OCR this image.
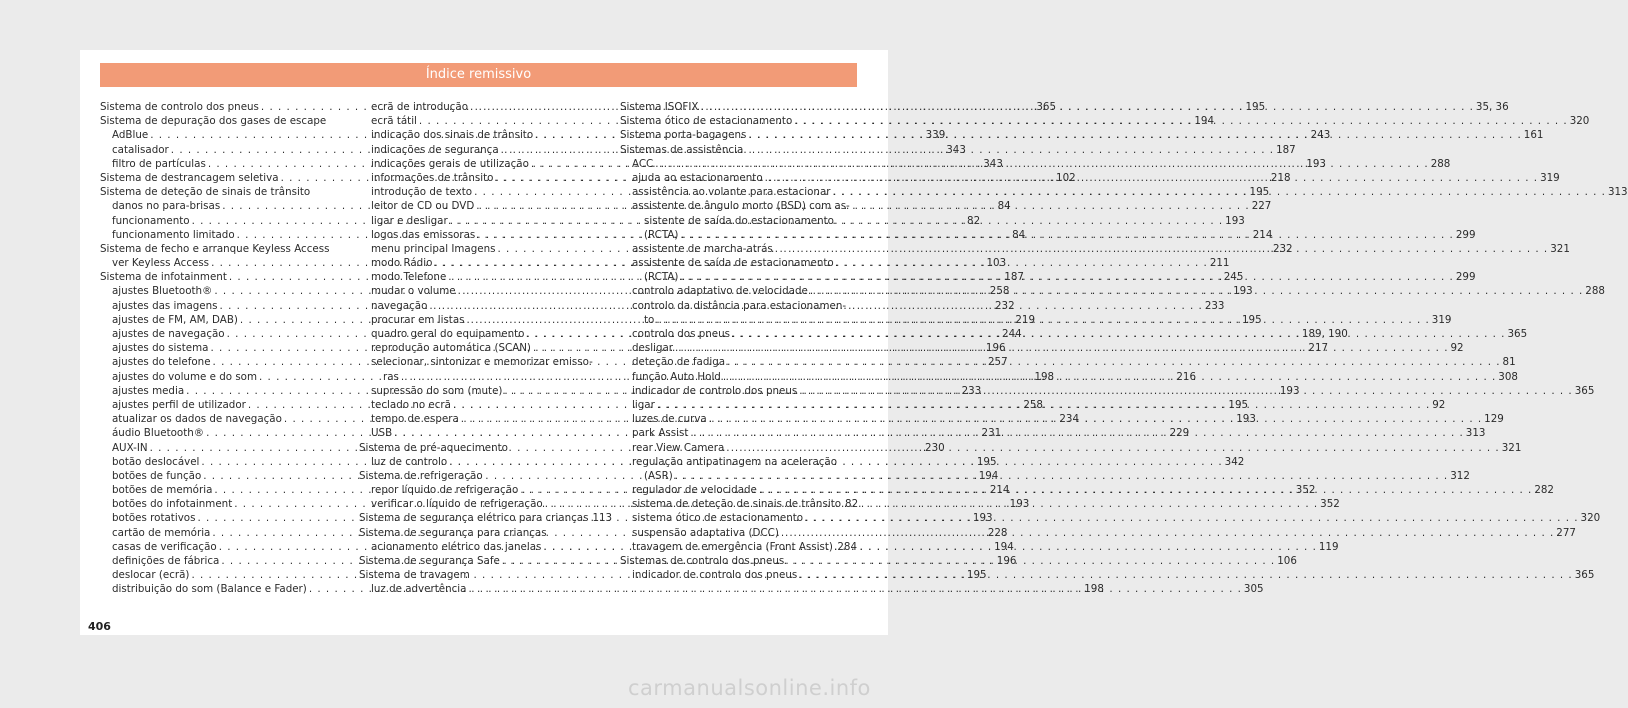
Índice remissivo
Sistema de controlo dos pneus . . .	365
Sistema de depuração dos gases de escape
AdBlue . . .	339
catalisador . . .	343
filtro de partículas . . .	343
Sistema de destrancagem seletiva . . .	102
Sistema de deteção de sinais de trânsito
danos no para-brisas . . .	84
funcionamento . . .	82
funcionamento limitado . . .	84
Sistema de fecho e arranque Keyless Access
ver Keyless Access . . .	103
Sistema de infotainment . . .	187
ajustes Bluetooth® . . .	258
ajustes das imagens . . .	232
ajustes de FM, AM, DAB) . . .	219
ajustes de navegação . . .	244
ajustes do sistema . . .	196
ajustes do telefone . . .	257
ajustes do volume e do som . . .	198
ajustes media . . .	233
ajustes perfil de utilizador . . .	258
atualizar os dados de navegação . . .	234
áudio Bluetooth® . . .	231
AUX-IN . . .	230
botão deslocável . . .	195
botões de função . . .	194
botões de memória . . .	214
botões do infotainment . . .	193
botões rotativos . . .	193
cartão de memória . . .	228
casas de verificação . . .	194
definições de fábrica . . .	196
deslocar (ecrã) . . .	195
distribuição do som (Balance e Fader) . . .	198
ecrã de introdução . . .	195
ecrã tátil . . .	194
indicação dos sinais de trânsito . . .	243
indicações de segurança . . .	187
indicações gerais de utilização . . .	193
informações de trânsito . . .	218
introdução de texto . . .	195
leitor de CD ou DVD . . .	227
ligar e desligar . . .	193
logos das emissoras . . .	214
menu principal Imagens . . .	232
modo Rádio . . .	211
modo Telefone . . .	245
mudar o volume . . .	193
navegação . . .	233
procurar em listas . . .	195
quadro geral do equipamento . . .	189, 190
reprodução automática (SCAN) . . .	217
selecionar, sintonizar e memorizar emisso-
ras . . .	216
supressão do som (mute) . . .	193
teclado no ecrã . . .	195
tempo de espera . . .	193
USB . . .	229
Sistema de pré-aquecimento
luz de controlo . . .	342
Sistema de refrigeração
repor líquido de refrigeração . . .	352
verificar o líquido de refrigeração . . .	352
Sistema de segurança elétrico para crianças 113
Sistema de segurança para crianças
acionamento elétrico das janelas . . .	119
Sistema de segurança Safe . . .	106
Sistema de travagem
luz de advertência . . .	305
Sistema ISOFIX . . .	35, 36
Sistema ótico de estacionamento . . .	320
Sistema porta-bagagens . . .	161
Sistemas de assistência
ACC . . .	288
ajuda ao estacionamento . . .	319
assistência ao volante para estacionar . . .	313
assistente de ângulo morto (BSD) com as-
sistente de saída do estacionamento
(RCTA) . . .	299
assistente de marcha-atrás . . .	321
assistente de saída de estacionamento
(RCTA) . . .	299
controlo adaptativo de velocidade . . .	288
controlo da distância para estacionamen-
to . . .	319
controlo dos pneus . . .	365
desligar . . .	92
deteção de fadiga . . .	81
função Auto Hold . . .	308
indicador de controlo dos pneus . . .	365
ligar . . .	92
luzes de curva . . .	129
park Assist . . .	313
rear View Camera . . .	321
regulação antipatinagem na aceleração
(ASR) . . .	312
regulador de velocidade . . .	282
sistema de deteção de sinais de trânsito 82
sistema ótico de estacionamento . . .	320
suspensão adaptativa (DCC) . . .	277
travagem de emergência (Front Assist) . . . 284
Sistemas de controlo dos pneus
indicador de controlo dos pneus . . .	365
406
carmanualsonline.info
